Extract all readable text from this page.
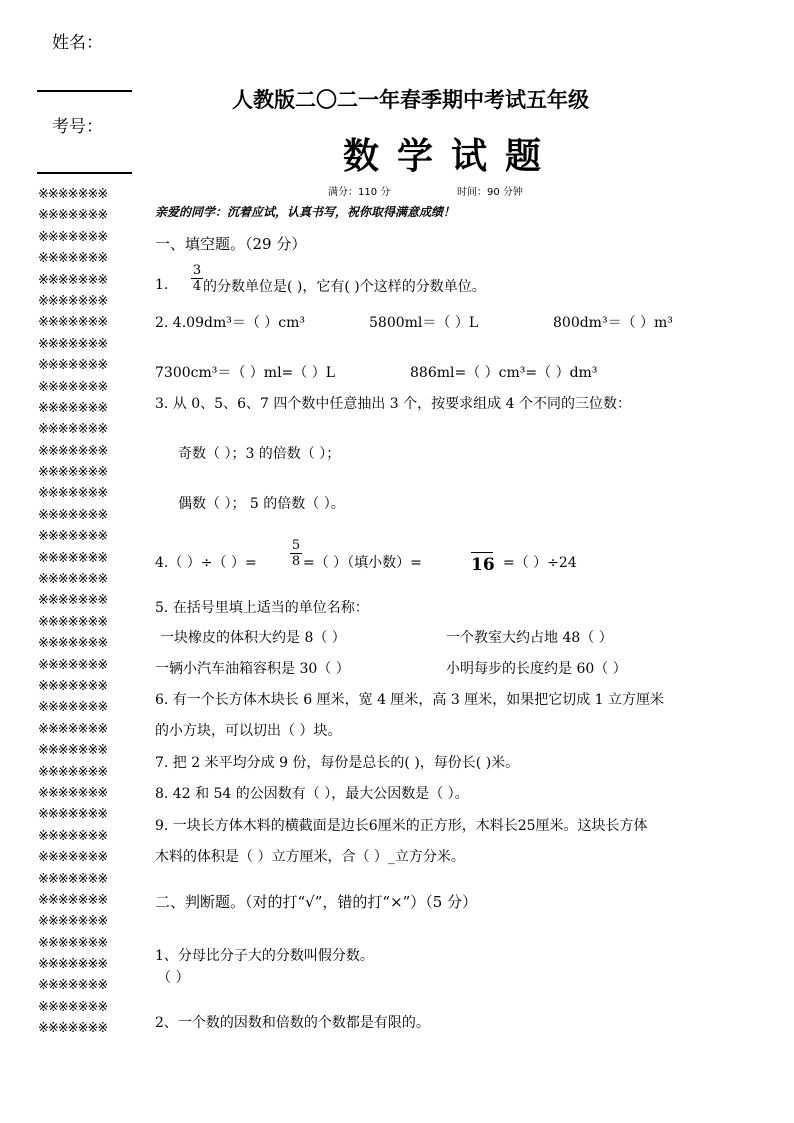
姓名：
考号：
※※※※※※※
※※※※※※※
※※※※※※※
※※※※※※※
※※※※※※※
※※※※※※※
※※※※※※※
※※※※※※※
※※※※※※※
※※※※※※※
※※※※※※※
※※※※※※※
※※※※※※※
※※※※※※※
※※※※※※※
※※※※※※※
※※※※※※※
※※※※※※※
※※※※※※※
※※※※※※※
※※※※※※※
※※※※※※※
※※※※※※※
※※※※※※※
※※※※※※※
※※※※※※※
※※※※※※※
※※※※※※※
※※※※※※※
※※※※※※※
※※※※※※※
※※※※※※※
※※※※※※※
※※※※※※※
※※※※※※※
※※※※※※※
※※※※※※※
※※※※※※※
※※※※※※※
※※※※※※※
人教版二〇二一年春季期中考试五年级
数学试题
满分：110 分	时间：90 分钟
亲爱的同学：沉着应试，认真书写，祝你取得满意成绩！
一、填空题。（29 分）
1.
3
4 的分数单位是( )，它有( )个这样的分数单位。
2. 4.09dm³＝（ ）cm³	5800ml＝（ ）L	800dm³＝（ ）m³
7300cm³＝（ ）ml=（ ）L	886ml=（ ）cm³=（ ）dm³
3. 从 0、5、6、7 四个数中任意抽出 3 个，按要求组成 4 个不同的三位数：
奇数（ ）；3 的倍数（ ）；
偶数（ ）； 5 的倍数（ ）。
4.（ ）÷（ ）=
5
8 =（ ）（填小数）=	16 =（ ）÷24
5. 在括号里填上适当的单位名称：
一块橡皮的体积大约是 8（ ）	一个教室大约占地 48（ ）
一辆小汽车油箱容积是 30（ ）	小明每步的长度约是 60（ ）
6. 有一个长方体木块长 6 厘米，宽 4 厘米，高 3 厘米，如果把它切成 1 立方厘米
的小方块，可以切出（ ）块。
7. 把 2 米平均分成 9 份，每份是总长的( )，每份长( )米。
8. 42 和 54 的公因数有（ ），最大公因数是（ ）。
9. 一块长方体木料的横截面是边长6厘米的正方形，木料长25厘米。这块长方体
木料的体积是（ ）立方厘米，合（ ）_立方分米。
二、判断题。（对的打“√”，错的打“×”）（5 分）
1、分母比分子大的分数叫假分数。
（ ）
2、一个数的因数和倍数的个数都是有限的。
